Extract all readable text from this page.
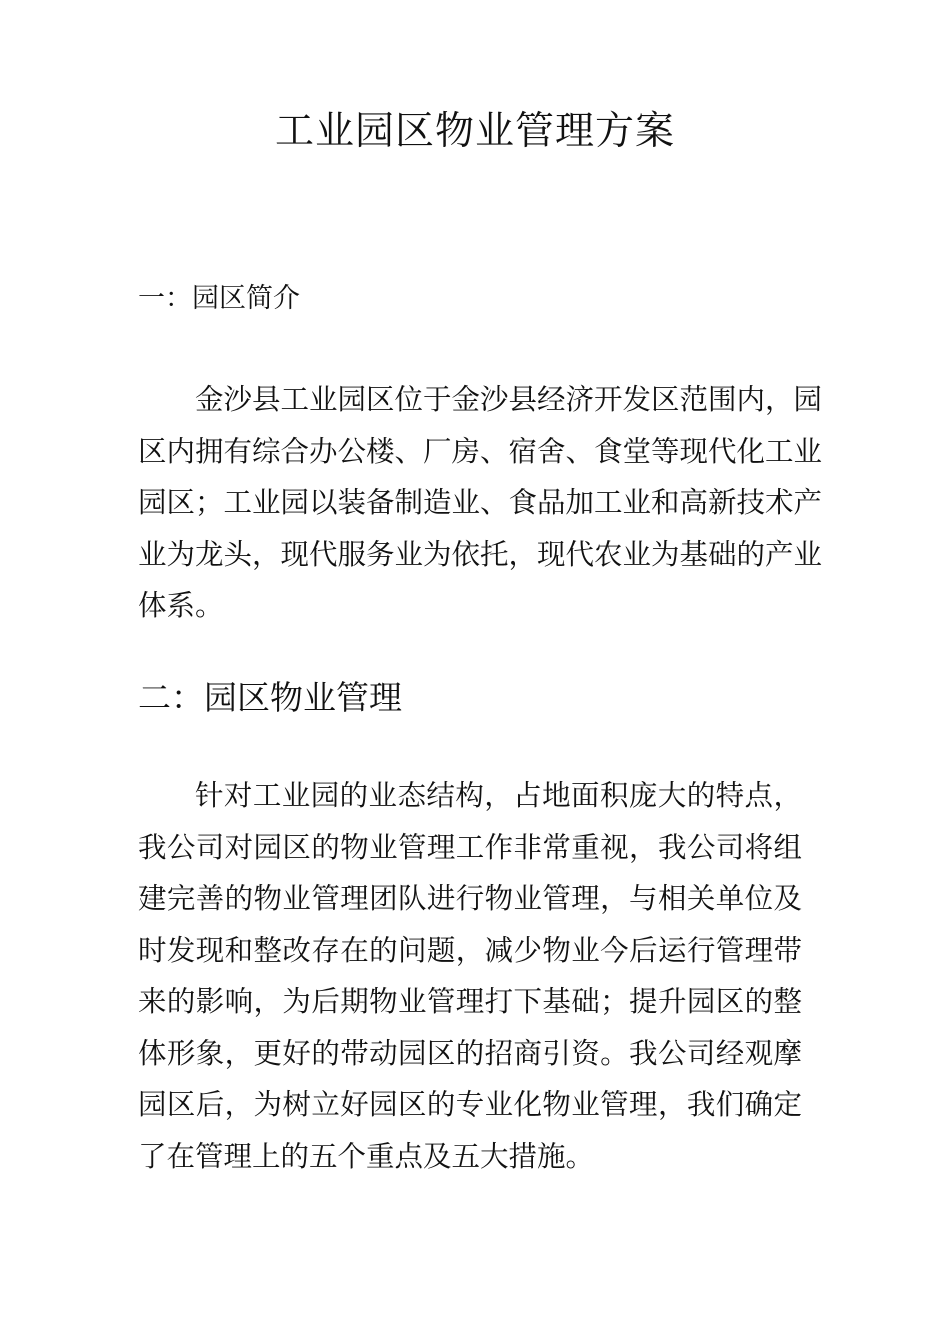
工业园区物业管理方案
一：园区简介

金沙县工业园区位于金沙县经济开发区范围内，园区内拥有综合办公楼、厂房、宿舍、食堂等现代化工业园区；工业园以装备制造业、食品加工业和高新技术产业为龙头，现代服务业为依托，现代农业为基础的产业体系。

二：园区物业管理

针对工业园的业态结构，占地面积庞大的特点，我公司对园区的物业管理工作非常重视，我公司将组建完善的物业管理团队进行物业管理，与相关单位及时发现和整改存在的问题，减少物业今后运行管理带来的影响，为后期物业管理打下基础；提升园区的整体形象，更好的带动园区的招商引资。我公司经观摩园区后，为树立好园区的专业化物业管理，我们确定了在管理上的五个重点及五大措施。
